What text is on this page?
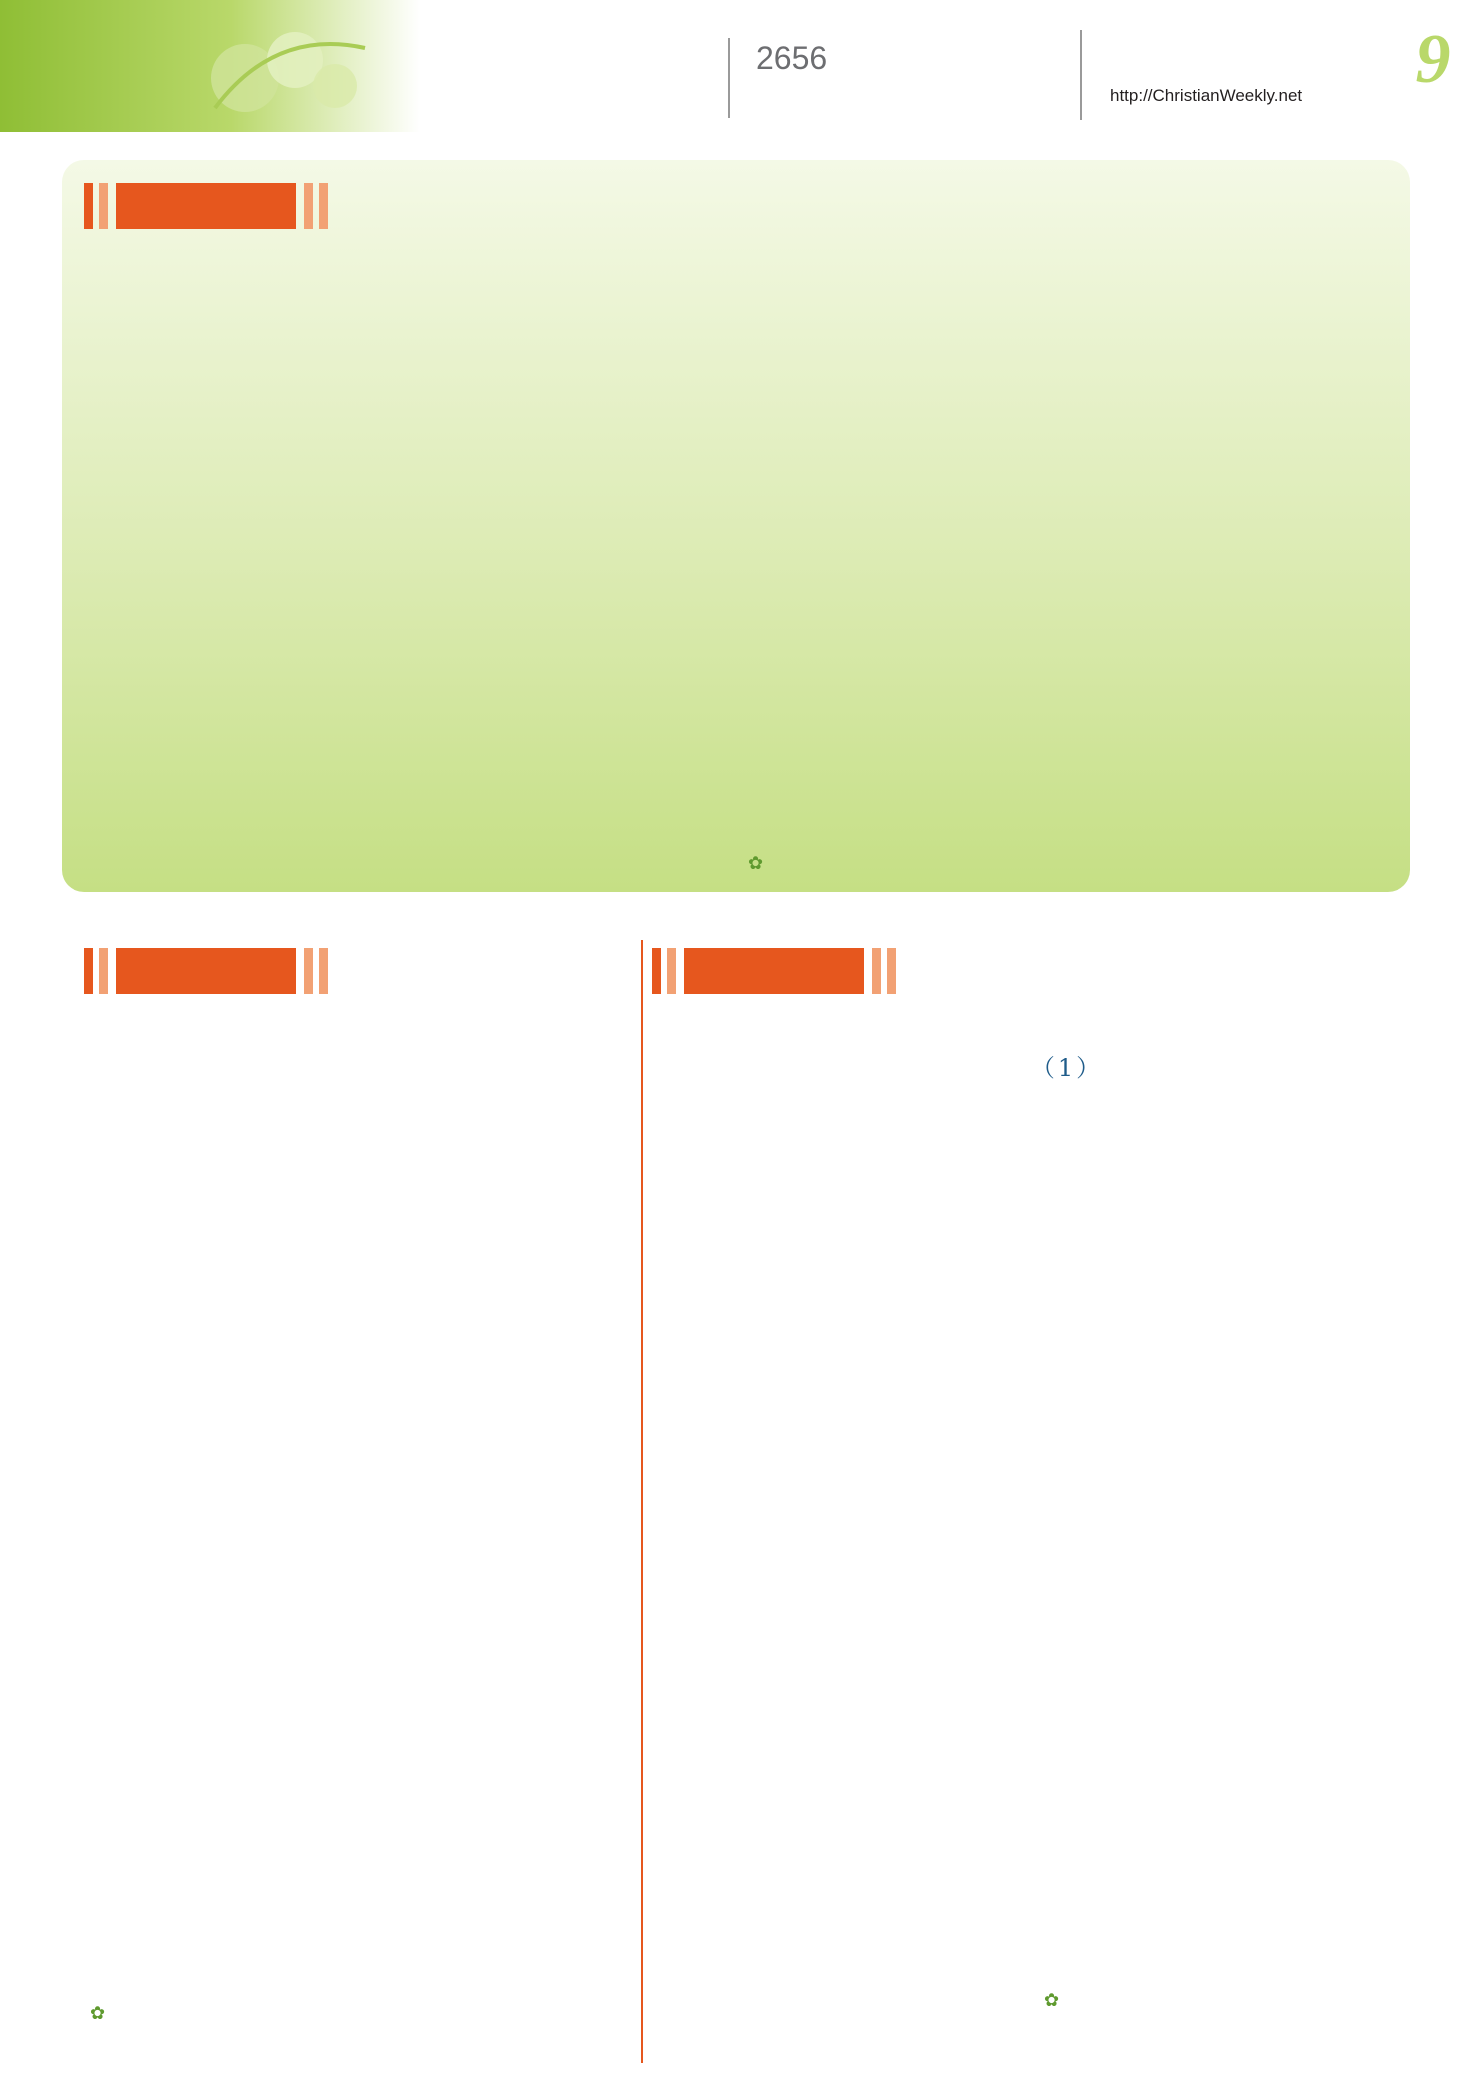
2656
http://ChristianWeekly.net	9

✿

✿

（1）

✿
